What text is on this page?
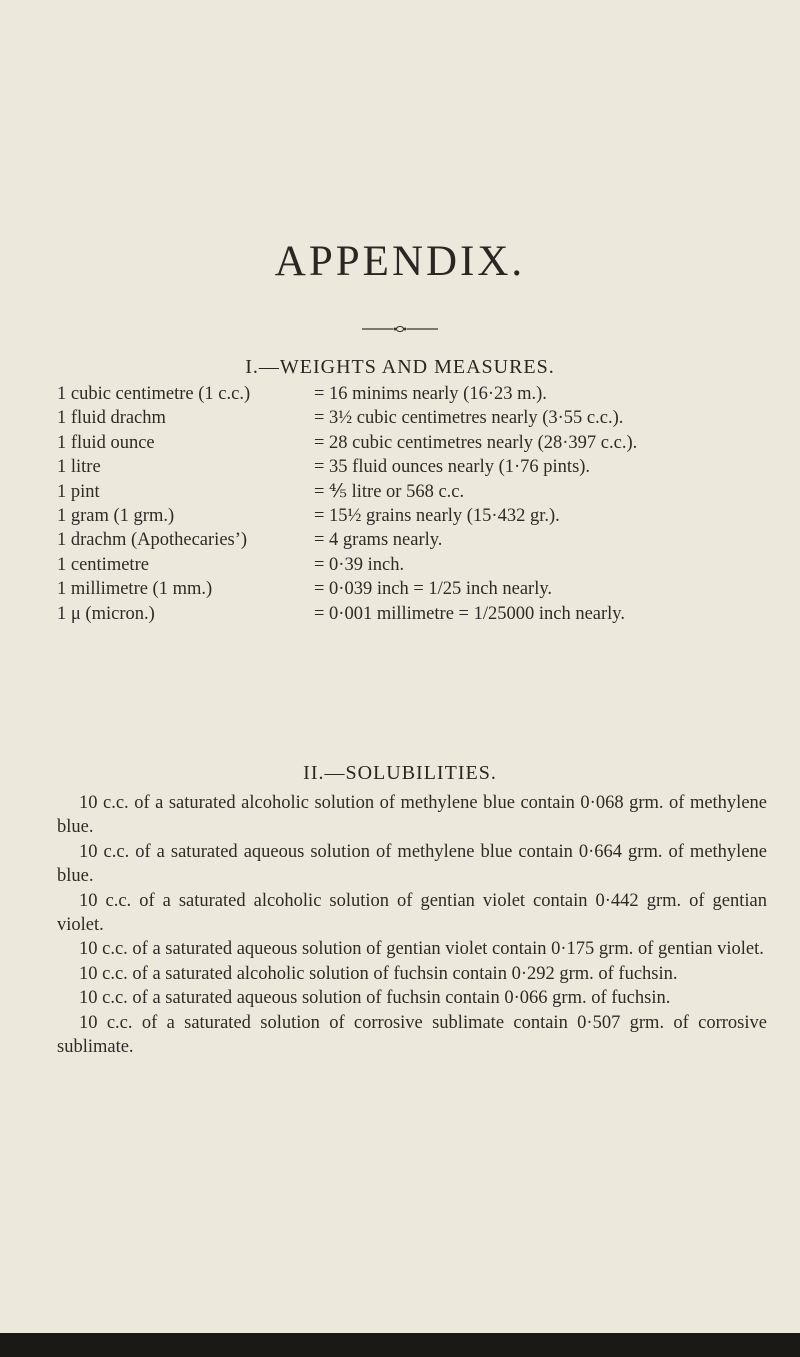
APPENDIX.
I.—WEIGHTS AND MEASURES.
1 cubic centimetre (1 c.c.)	= 16 minims nearly (16·23 m.).
1 fluid drachm	= 3½ cubic centimetres nearly (3·55 c.c.).
1 fluid ounce	= 28 cubic centimetres nearly (28·397 c.c.).
1 litre	= 35 fluid ounces nearly (1·76 pints).
1 pint	= ⅘ litre or 568 c.c.
1 gram (1 grm.)	= 15½ grains nearly (15·432 gr.).
1 drachm (Apothecaries’)	= 4 grams nearly.
1 centimetre	= 0·39 inch.
1 millimetre (1 mm.)	= 0·039 inch = 1/25 inch nearly.
1 μ (micron.)	= 0·001 millimetre = 1/25000 inch nearly.
II.—SOLUBILITIES.

10 c.c. of a saturated alcoholic solution of methylene blue contain 0·068 grm. of methylene blue.

10 c.c. of a saturated aqueous solution of methylene blue contain 0·664 grm. of methylene blue.

10 c.c. of a saturated alcoholic solution of gentian violet contain 0·442 grm. of gentian violet.

10 c.c. of a saturated aqueous solution of gentian violet contain 0·175 grm. of gentian violet.

10 c.c. of a saturated alcoholic solution of fuchsin contain 0·292 grm. of fuchsin.

10 c.c. of a saturated aqueous solution of fuchsin contain 0·066 grm. of fuchsin.

10 c.c. of a saturated solution of corrosive sublimate contain 0·507 grm. of corrosive sublimate.
